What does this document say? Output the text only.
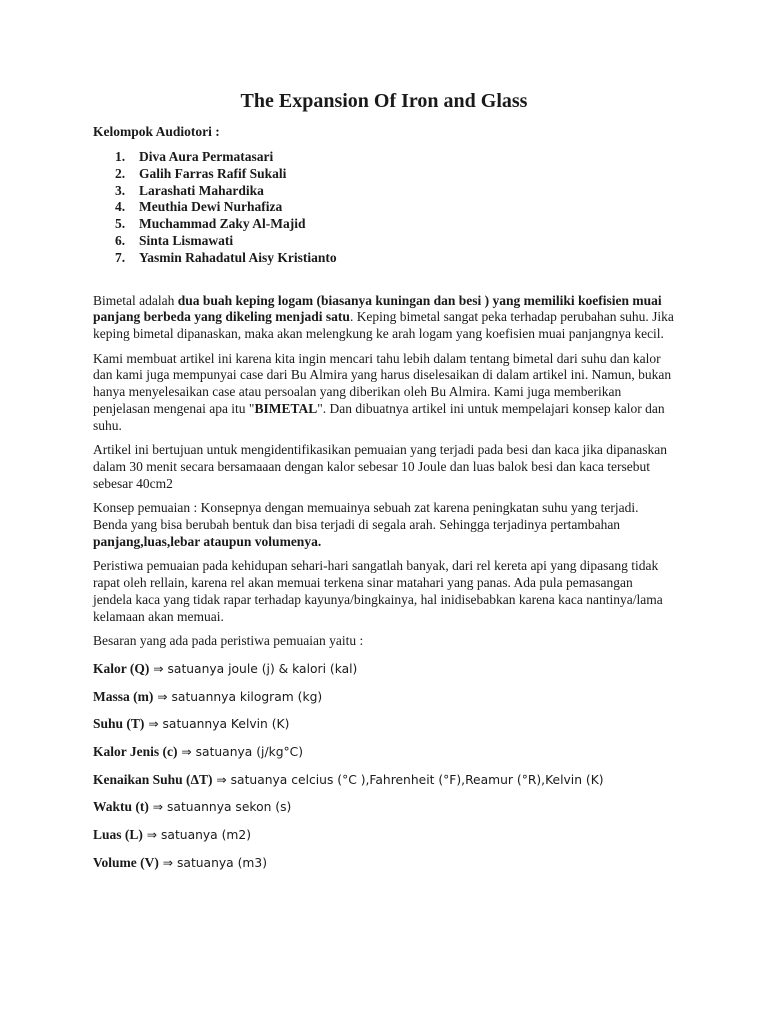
The Expansion Of Iron and Glass
Kelompok Audiotori :
1.	Diva Aura Permatasari
2.	Galih Farras Rafif Sukali
3.	Larashati Mahardika
4.	Meuthia Dewi Nurhafiza
5.	Muchammad Zaky Al-Majid
6.	Sinta Lismawati
7.	Yasmin Rahadatul Aisy Kristianto

Bimetal adalah dua buah keping logam (biasanya kuningan dan besi ) yang memiliki koefisien muai panjang berbeda yang dikeling menjadi satu. Keping bimetal sangat peka terhadap perubahan suhu. Jika keping bimetal dipanaskan, maka akan melengkung ke arah logam yang koefisien muai panjangnya kecil.

Kami membuat artikel ini karena kita ingin mencari tahu lebih dalam tentang bimetal dari suhu dan kalor dan kami juga mempunyai case dari Bu Almira yang harus diselesaikan di dalam artikel ini. Namun, bukan hanya menyelesaikan case atau persoalan yang diberikan oleh Bu Almira. Kami juga memberikan penjelasan mengenai apa itu "BIMETAL". Dan dibuatnya artikel ini untuk mempelajari konsep kalor dan suhu.

Artikel ini bertujuan untuk mengidentifikasikan pemuaian yang terjadi pada besi dan kaca jika dipanaskan dalam 30 menit secara bersamaaan dengan kalor sebesar 10 Joule dan luas balok besi dan kaca tersebut sebesar 40cm2

Konsep pemuaian : Konsepnya dengan memuainya sebuah zat karena peningkatan suhu yang terjadi. Benda yang bisa berubah bentuk dan bisa terjadi di segala arah. Sehingga terjadinya pertambahan panjang,luas,lebar ataupun volumenya.

Peristiwa pemuaian pada kehidupan sehari-hari sangatlah banyak, dari rel kereta api yang dipasang tidak rapat oleh rellain, karena rel akan memuai terkena sinar matahari yang panas. Ada pula pemasangan jendela kaca yang tidak rapar terhadap kayunya/bingkainya, hal inidisebabkan karena kaca nantinya/lama kelamaan akan memuai.

Besaran yang ada pada peristiwa pemuaian yaitu :

Kalor (Q) ⇒ satuanya joule (j) & kalori (kal)
Massa (m) ⇒ satuannya kilogram (kg)
Suhu (T) ⇒ satuannya Kelvin (K)
Kalor Jenis (c) ⇒ satuanya (j/kg°C)
Kenaikan Suhu (ΔT) ⇒ satuanya celcius (°C ),Fahrenheit (°F),Reamur (°R),Kelvin (K)
Waktu (t) ⇒ satuannya sekon (s)
Luas (L) ⇒ satuanya (m2)
Volume (V) ⇒ satuanya (m3)
